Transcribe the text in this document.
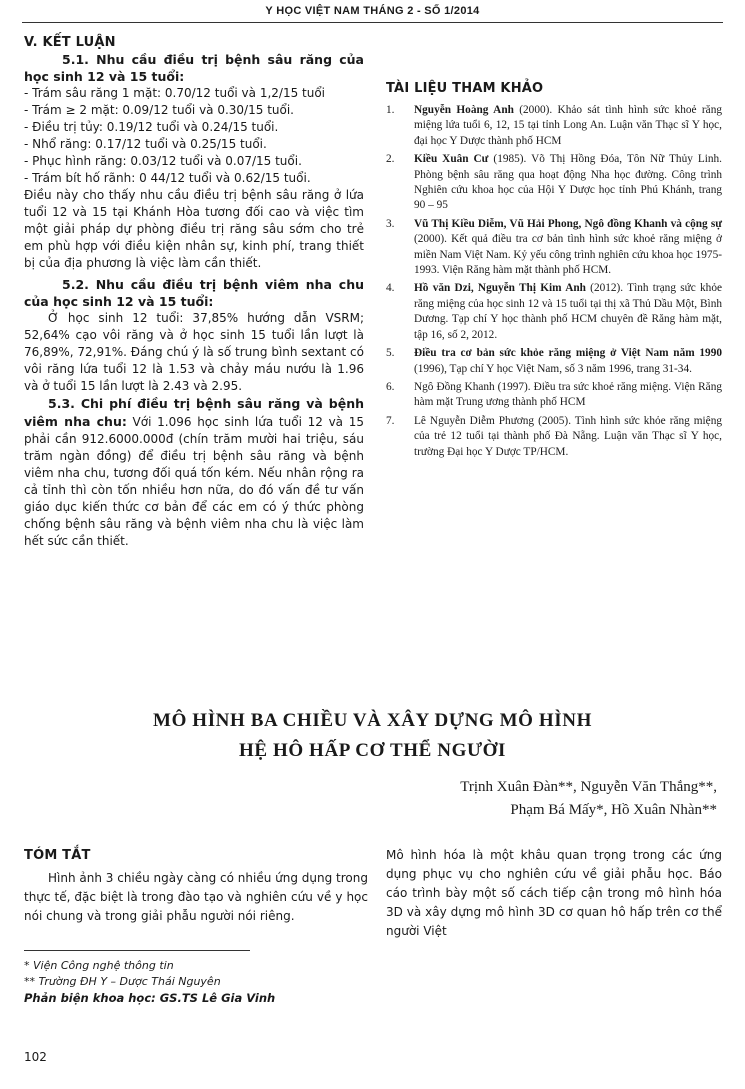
Y HỌC VIỆT NAM THÁNG 2 - SỐ 1/2014

V. KẾT LUẬN

5.1. Nhu cầu điều trị bệnh sâu răng của học sinh 12 và 15 tuổi:

- Trám sâu răng 1 mặt: 0.70/12 tuổi và 1,2/15 tuổi

- Trám ≥ 2 mặt: 0.09/12 tuổi và 0.30/15 tuổi.

- Điều trị tủy: 0.19/12 tuổi và 0.24/15 tuổi.

- Nhổ răng: 0.17/12 tuổi và 0.25/15 tuổi.

- Phục hình răng: 0.03/12 tuổi và 0.07/15 tuổi.

- Trám bít hố rãnh: 0 44/12 tuổi và 0.62/15 tuổi.

Điều này cho thấy nhu cầu điều trị bệnh sâu răng ở lứa tuổi 12 và 15 tại Khánh Hòa tương đối cao và việc tìm một giải pháp dự phòng điều trị răng sâu sớm cho trẻ em phù hợp với điều kiện nhân sự, kinh phí, trang thiết bị của địa phương là việc làm cần thiết.

5.2. Nhu cầu điều trị bệnh viêm nha chu của học sinh 12 và 15 tuổi:

Ở học sinh 12 tuổi: 37,85% hướng dẫn VSRM; 52,64% cạo vôi răng và ở học sinh 15 tuổi lần lượt là 76,89%, 72,91%. Đáng chú ý là số trung bình sextant có vôi răng lứa tuổi 12 là 1.53 và chảy máu nướu là 1.96 và ở tuổi 15 lần lượt là 2.43 và 2.95.

5.3. Chi phí điều trị bệnh sâu răng và bệnh viêm nha chu: Với 1.096 học sinh lứa tuổi 12 và 15 phải cần 912.6000.000đ (chín trăm mười hai triệu, sáu trăm ngàn đồng) để điều trị bệnh sâu răng và bệnh viêm nha chu, tương đối quá tốn kém. Nếu nhân rộng ra cả tỉnh thì còn tốn nhiều hơn nữa, do đó vấn đề tư vấn giáo dục kiến thức cơ bản để các em có ý thức phòng chống bệnh sâu răng và bệnh viêm nha chu là việc làm hết sức cần thiết.

TÀI LIỆU THAM KHẢO

1. Nguyễn Hoàng Anh (2000). Khảo sát tình hình sức khoẻ răng miệng lứa tuổi 6, 12, 15 tại tỉnh Long An. Luận văn Thạc sĩ Y học, đại học Y Dược thành phố HCM
2. Kiều Xuân Cư (1985). Võ Thị Hồng Đóa, Tôn Nữ Thủy Linh. Phòng bệnh sâu răng qua hoạt động Nha học đường. Công trình Nghiên cứu khoa học của Hội Y Dược học tỉnh Phú Khánh, trang 90 – 95
3. Vũ Thị Kiều Diễm, Vũ Hải Phong, Ngô đồng Khanh và cộng sự (2000). Kết quả điều tra cơ bản tình hình sức khoẻ răng miệng ở miền Nam Việt Nam. Kỷ yếu công trình nghiên cứu khoa học 1975- 1993. Viện Răng hàm mặt thành phố HCM.
4. Hồ văn Dzi, Nguyễn Thị Kim Anh (2012). Tình trạng sức khỏe răng miệng của học sinh 12 và 15 tuổi tại thị xã Thủ Dầu Một, Bình Dương. Tạp chí Y học thành phố HCM chuyên đề Răng hàm mặt, tập 16, số 2, 2012.
5. Điều tra cơ bản sức khỏe răng miệng ở Việt Nam năm 1990 (1996), Tạp chí Y học Việt Nam, số 3 năm 1996, trang 31-34.
6. Ngô Đồng Khanh (1997). Điều tra sức khoẻ răng miệng. Viện Răng hàm mặt Trung ương thành phố HCM
7. Lê Nguyễn Diễm Phương (2005). Tình hình sức khỏe răng miệng của trẻ 12 tuổi tại thành phố Đà Nẵng. Luận văn Thạc sĩ Y học, trường Đại học Y Dược TP/HCM.
MÔ HÌNH BA CHIỀU VÀ XÂY DỰNG MÔ HÌNH
HỆ HÔ HẤP CƠ THỂ NGƯỜI
Trịnh Xuân Đàn**, Nguyễn Văn Thắng**,
Phạm Bá Mấy*, Hồ Xuân Nhàn**

TÓM TẮT

Hình ảnh 3 chiều ngày càng có nhiều ứng dụng trong thực tế, đặc biệt là trong đào tạo và nghiên cứu về y học nói chung và trong giải phẫu người nói riêng.

Mô hình hóa là một khâu quan trọng trong các ứng dụng phục vụ cho nghiên cứu về giải phẫu học. Báo cáo trình bày một số cách tiếp cận trong mô hình hóa 3D và xây dựng mô hình 3D cơ quan hô hấp trên cơ thể người Việt

* Viện Công nghệ thông tin

** Trường ĐH Y – Dược Thái Nguyên

Phản biện khoa học: GS.TS Lê Gia Vinh

102
